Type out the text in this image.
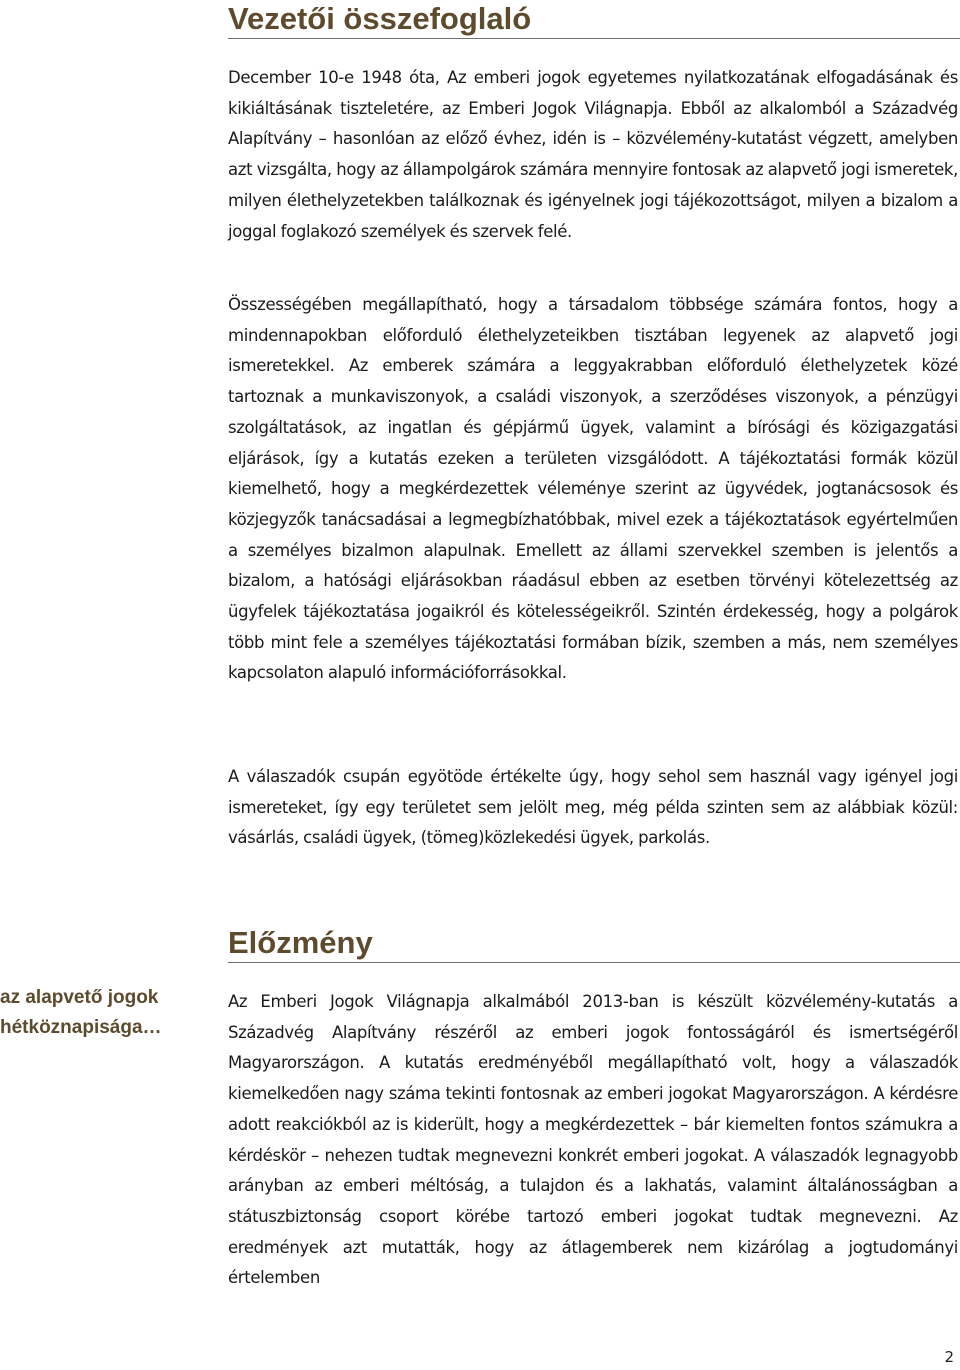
Vezetői összefoglaló

December 10-e 1948 óta, Az emberi jogok egyetemes nyilatkozatának elfogadásának és kikiáltásának tiszteletére, az Emberi Jogok Világnapja. Ebből az alkalomból a Századvég Alapítvány – hasonlóan az előző évhez, idén is – közvélemény-kutatást végzett, amelyben azt vizsgálta, hogy az állampolgárok számára mennyire fontosak az alapvető jogi ismeretek, milyen élethelyzetekben találkoznak és igényelnek jogi tájékozottságot, milyen a bizalom a joggal foglakozó személyek és szervek felé.

Összességében megállapítható, hogy a társadalom többsége számára fontos, hogy a mindennapokban előforduló élethelyzeteikben tisztában legyenek az alapvető jogi ismeretekkel. Az emberek számára a leggyakrabban előforduló élethelyzetek közé tartoznak a munkaviszonyok, a családi viszonyok, a szerződéses viszonyok, a pénzügyi szolgáltatások, az ingatlan és gépjármű ügyek, valamint a bírósági és közigazgatási eljárások, így a kutatás ezeken a területen vizsgálódott. A tájékoztatási formák közül kiemelhető, hogy a megkérdezettek véleménye szerint az ügyvédek, jogtanácsosok és közjegyzők tanácsadásai a legmegbízhatóbbak, mivel ezek a tájékoztatások egyértelműen a személyes bizalmon alapulnak. Emellett az állami szervekkel szemben is jelentős a bizalom, a hatósági eljárásokban ráadásul ebben az esetben törvényi kötelezettség az ügyfelek tájékoztatása jogaikról és kötelességeikről. Szintén érdekesség, hogy a polgárok több mint fele a személyes tájékoztatási formában bízik, szemben a más, nem személyes kapcsolaton alapuló információforrásokkal.

A válaszadók csupán egyötöde értékelte úgy, hogy sehol sem használ vagy igényel jogi ismereteket, így egy területet sem jelölt meg, még példa szinten sem az alábbiak közül: vásárlás, családi ügyek, (tömeg)közlekedési ügyek, parkolás.

Előzmény

az alapvető jogok hétköznapisága…

Az Emberi Jogok Világnapja alkalmából 2013-ban is készült közvélemény-kutatás a Századvég Alapítvány részéről az emberi jogok fontosságáról és ismertségéről Magyarországon. A kutatás eredményéből megállapítható volt, hogy a válaszadók kiemelkedően nagy száma tekinti fontosnak az emberi jogokat Magyarországon. A kérdésre adott reakciókból az is kiderült, hogy a megkérdezettek – bár kiemelten fontos számukra a kérdéskör – nehezen tudtak megnevezni konkrét emberi jogokat. A válaszadók legnagyobb arányban az emberi méltóság, a tulajdon és a lakhatás, valamint általánosságban a státuszbiztonság csoport körébe tartozó emberi jogokat tudtak megnevezni. Az eredmények azt mutatták, hogy az átlagemberek nem kizárólag a jogtudományi értelemben

2
